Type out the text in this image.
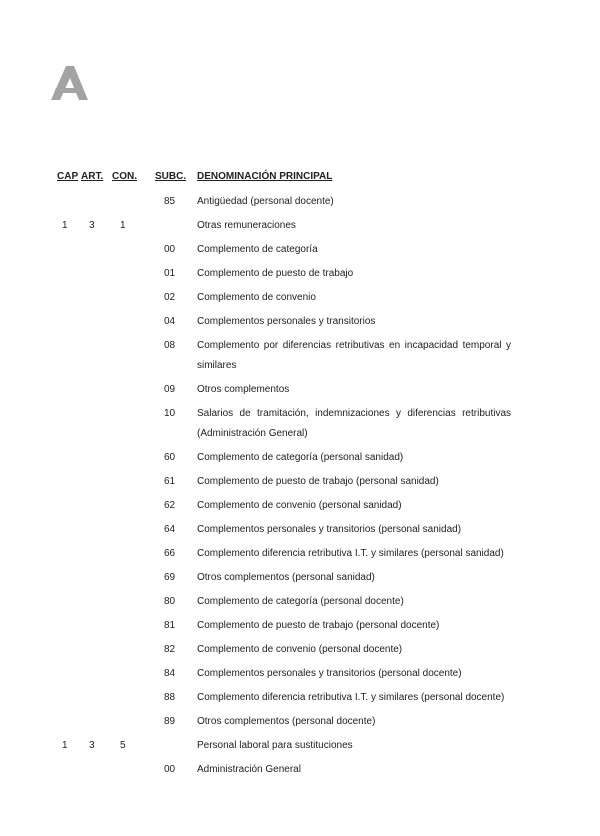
CAP ART. CON. SUBC. DENOMINACIÓN PRINCIPAL
85 Antigüedad (personal docente)
1 3	1	Otras remuneraciones
00 Complemento de categoría
01 Complemento de puesto de trabajo
02 Complemento de convenio
04 Complementos personales y transitorios
08 Complemento por diferencias retributivas en incapacidad temporal y similares
09 Otros complementos
10 Salarios de tramitación, indemnizaciones y diferencias retributivas (Administración General)
60 Complemento de categoría (personal sanidad)
61 Complemento de puesto de trabajo (personal sanidad)
62 Complemento de convenio (personal sanidad)
64 Complementos personales y transitorios (personal sanidad)
66 Complemento diferencia retributiva I.T. y similares (personal sanidad)
69 Otros complementos (personal sanidad)
80 Complemento de categoría (personal docente)
81 Complemento de puesto de trabajo (personal docente)
82 Complemento de convenio (personal docente)
84 Complementos personales y transitorios (personal docente)
88 Complemento diferencia retributiva I.T. y similares (personal docente)
89 Otros complementos (personal docente)
1 3	5	Personal laboral para sustituciones
00 Administración General
